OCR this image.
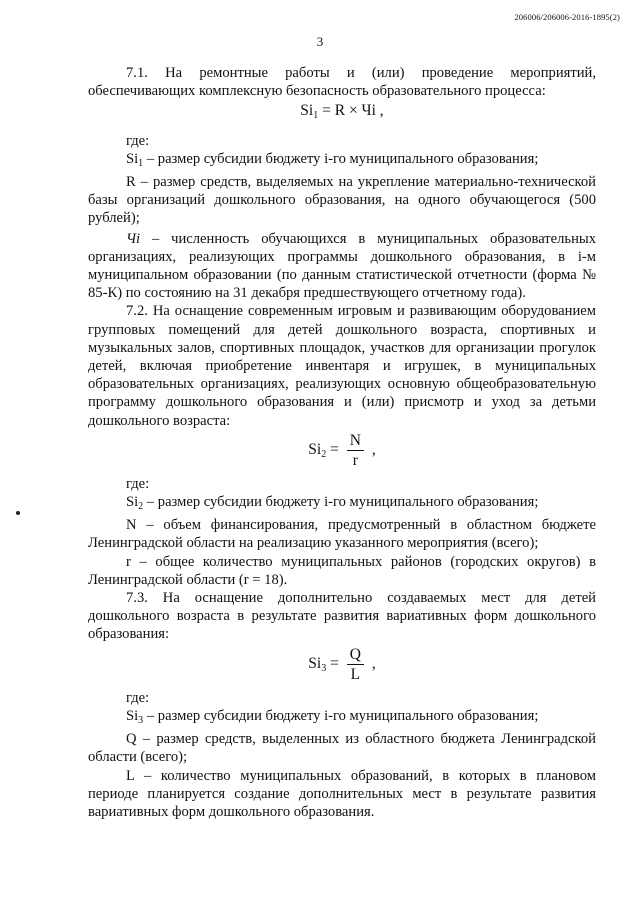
206006/206006-2016-1895(2)
3

7.1. На ремонтные работы и (или) проведение мероприятий, обеспечивающих комплексную безопасность образовательного процесса:

$Si_1 = R$ × Чi ,

где:

$Si_1$ – размер субсидии бюджету i-го муниципального образования;

R – размер средств, выделяемых на укрепление материально-технической базы организаций дошкольного образования, на одного обучающегося (500 рублей);

Чi – численность обучающихся в муниципальных образовательных организациях, реализующих программы дошкольного образования, в i-м муниципальном образовании (по данным статистической отчетности (форма № 85-К) по состоянию на 31 декабря предшествующего отчетному года).

7.2. На оснащение современным игровым и развивающим оборудованием групповых помещений для детей дошкольного возраста, спортивных и музыкальных залов, спортивных площадок, участков для организации прогулок детей, включая приобретение инвентаря и игрушек, в муниципальных образовательных организациях, реализующих основную общеобразовательную программу дошкольного образования и (или) присмотр и уход за детьми дошкольного возраста:

$Si_2 = \frac{N}{r}$ ,

где:

$Si_2$ – размер субсидии бюджету i-го муниципального образования;

N – объем финансирования, предусмотренный в областном бюджете Ленинградской области на реализацию указанного мероприятия (всего);

r – общее количество муниципальных районов (городских округов) в Ленинградской области (r = 18).

7.3. На оснащение дополнительно создаваемых мест для детей дошкольного возраста в результате развития вариативных форм дошкольного образования:

$Si_3 = \frac{Q}{L}$ ,

где:

$Si_3$ – размер субсидии бюджету i-го муниципального образования;

Q – размер средств, выделенных из областного бюджета Ленинградской области (всего);

L – количество муниципальных образований, в которых в плановом периоде планируется создание дополнительных мест в результате развития вариативных форм дошкольного образования.
